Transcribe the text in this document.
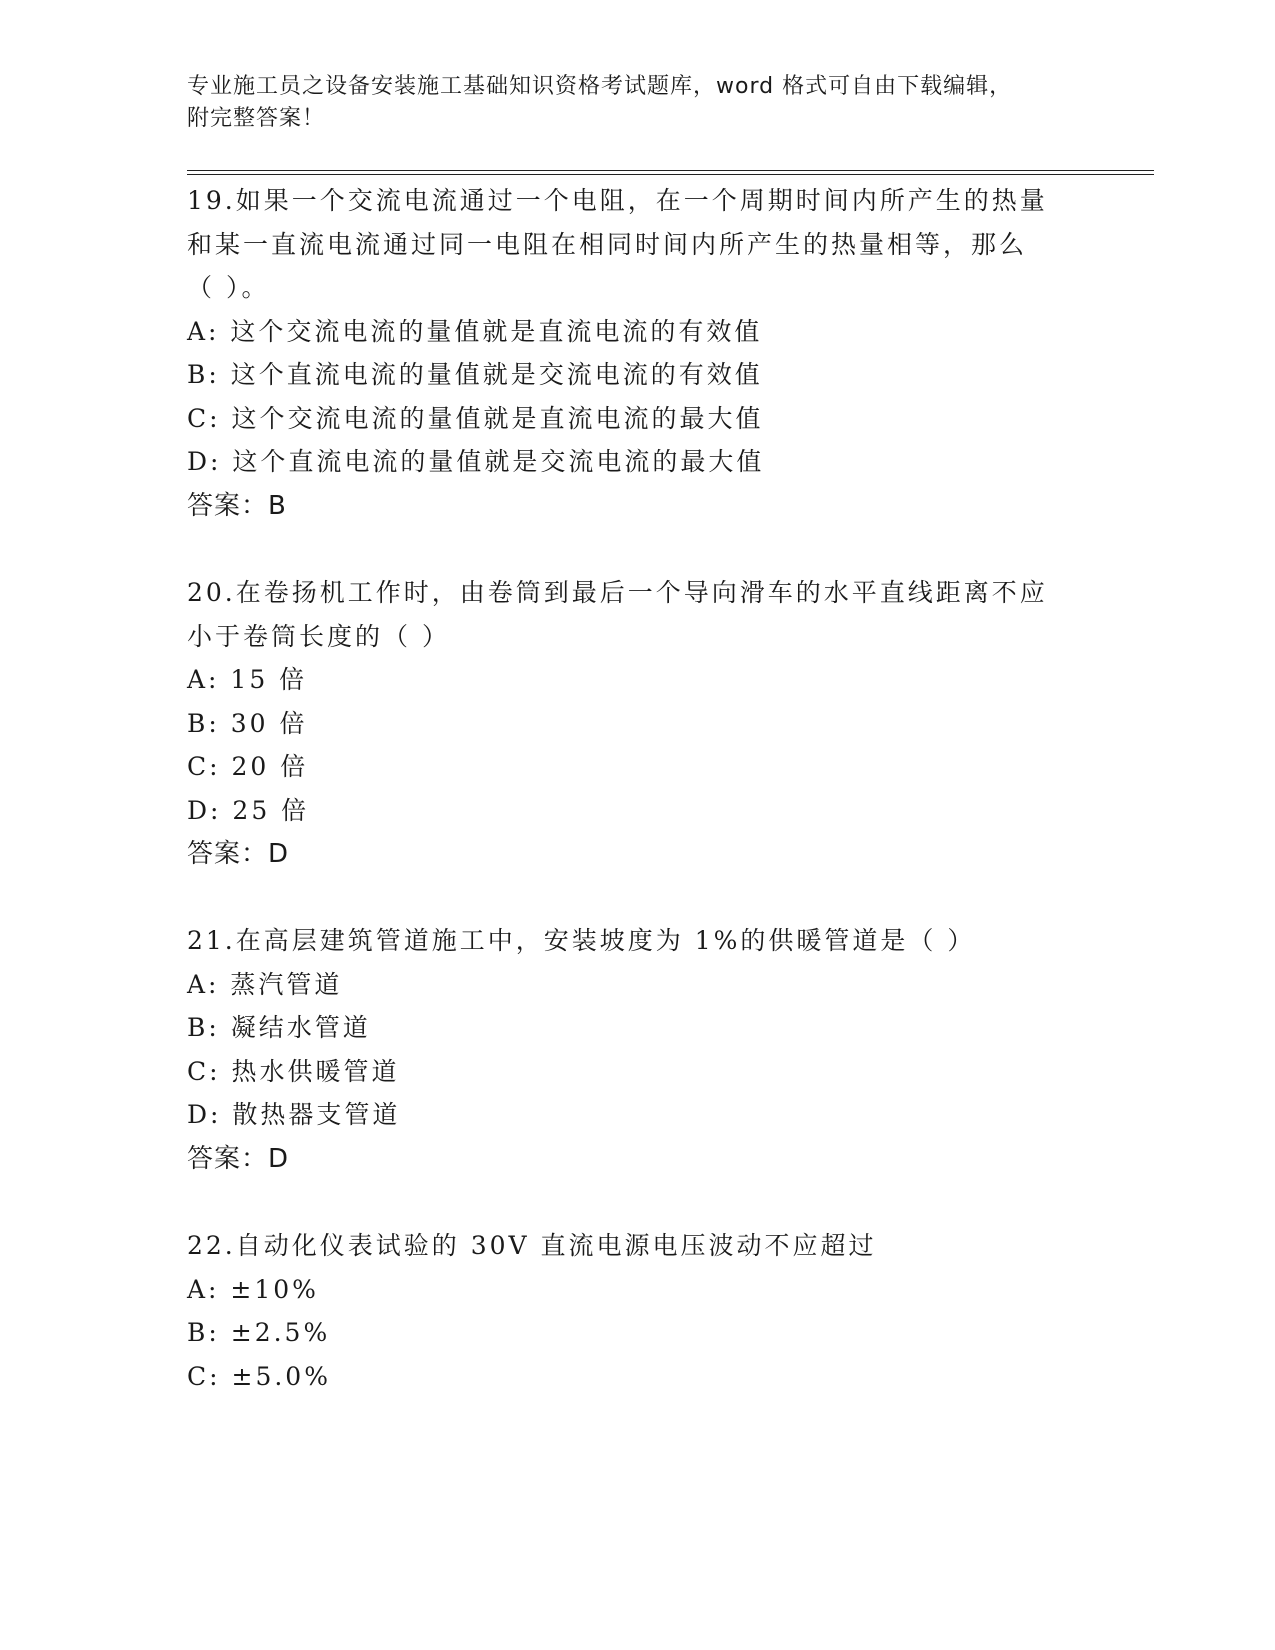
专业施工员之设备安装施工基础知识资格考试题库，word 格式可自由下载编辑，
附完整答案！
19.如果一个交流电流通过一个电阻，在一个周期时间内所产生的热量
和某一直流电流通过同一电阻在相同时间内所产生的热量相等，那么
（ ）。
A: 这个交流电流的量值就是直流电流的有效值
B: 这个直流电流的量值就是交流电流的有效值
C: 这个交流电流的量值就是直流电流的最大值
D: 这个直流电流的量值就是交流电流的最大值
答案：B
20.在卷扬机工作时，由卷筒到最后一个导向滑车的水平直线距离不应
小于卷筒长度的（ ）
A: 15 倍
B: 30 倍
C: 20 倍
D: 25 倍
答案：D
21.在高层建筑管道施工中，安装坡度为 1%的供暖管道是（ ）
A: 蒸汽管道
B: 凝结水管道
C: 热水供暖管道
D: 散热器支管道
答案：D
22.自动化仪表试验的 30V 直流电源电压波动不应超过
A: ±10%
B: ±2.5%
C: ±5.0%
